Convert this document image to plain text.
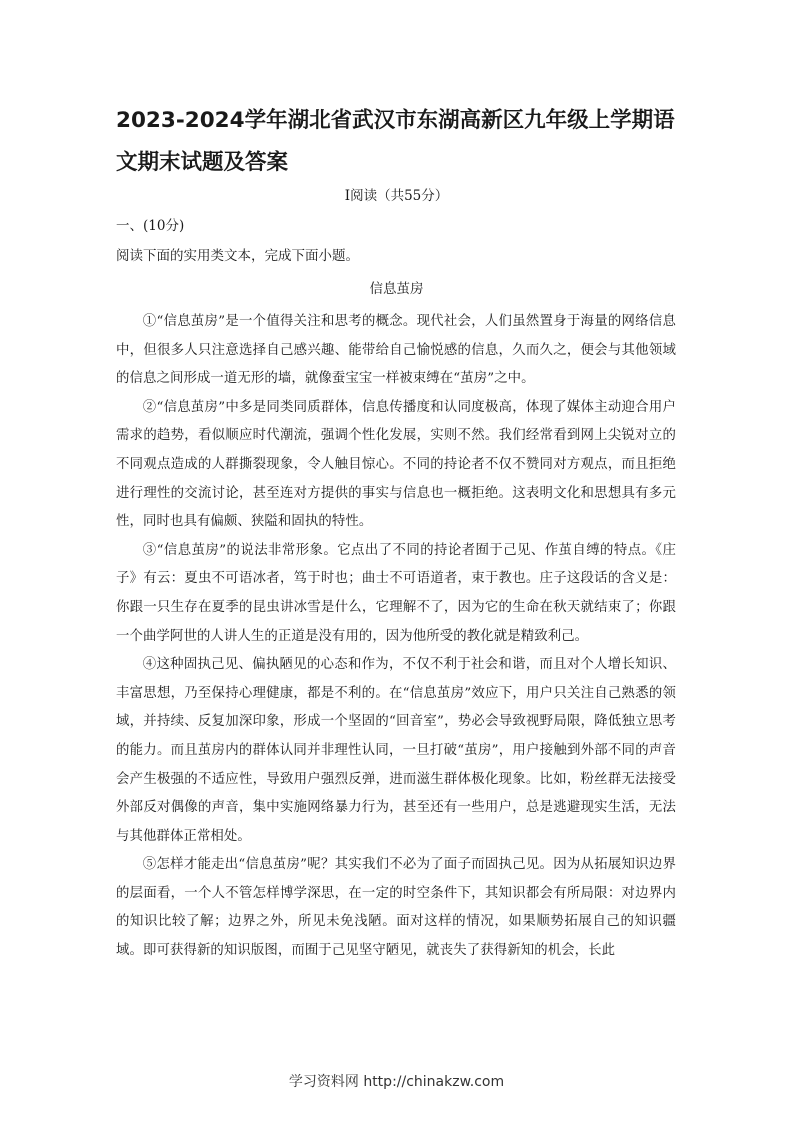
2023-2024学年湖北省武汉市东湖高新区九年级上学期语文期末试题及答案
I阅读（共55分）
一、(10分)
阅读下面的实用类文本，完成下面小题。
信息茧房

①“信息茧房”是一个值得关注和思考的概念。现代社会，人们虽然置身于海量的网络信息中，但很多人只注意选择自己感兴趣、能带给自己愉悦感的信息，久而久之，便会与其他领域的信息之间形成一道无形的墙，就像蚕宝宝一样被束缚在“茧房”之中。

②“信息茧房”中多是同类同质群体，信息传播度和认同度极高，体现了媒体主动迎合用户需求的趋势，看似顺应时代潮流，强调个性化发展，实则不然。我们经常看到网上尖锐对立的不同观点造成的人群撕裂现象，令人触目惊心。不同的持论者不仅不赞同对方观点，而且拒绝进行理性的交流讨论，甚至连对方提供的事实与信息也一概拒绝。这表明文化和思想具有多元性，同时也具有偏颇、狭隘和固执的特性。

③“信息茧房”的说法非常形象。它点出了不同的持论者囿于己见、作茧自缚的特点。《庄子》有云：夏虫不可语冰者，笃于时也；曲士不可语道者，束于教也。庄子这段话的含义是：你跟一只生存在夏季的昆虫讲冰雪是什么，它理解不了，因为它的生命在秋天就结束了；你跟一个曲学阿世的人讲人生的正道是没有用的，因为他所受的教化就是精致利己。

④这种固执己见、偏执陋见的心态和作为，不仅不利于社会和谐，而且对个人增长知识、丰富思想，乃至保持心理健康，都是不利的。在“信息茧房”效应下，用户只关注自己熟悉的领域，并持续、反复加深印象，形成一个坚固的“回音室”，势必会导致视野局限，降低独立思考的能力。而且茧房内的群体认同并非理性认同，一旦打破“茧房”，用户接触到外部不同的声音会产生极强的不适应性，导致用户强烈反弹，进而滋生群体极化现象。比如，粉丝群无法接受外部反对偶像的声音，集中实施网络暴力行为，甚至还有一些用户，总是逃避现实生活，无法与其他群体正常相处。

⑤怎样才能走出“信息茧房”呢？其实我们不必为了面子而固执己见。因为从拓展知识边界的层面看，一个人不管怎样博学深思，在一定的时空条件下，其知识都会有所局限：对边界内的知识比较了解；边界之外，所见未免浅陋。面对这样的情况，如果顺势拓展自己的知识疆域。即可获得新的知识版图，而囿于己见坚守陋见，就丧失了获得新知的机会，长此

学习资料网 http://chinakzw.com
